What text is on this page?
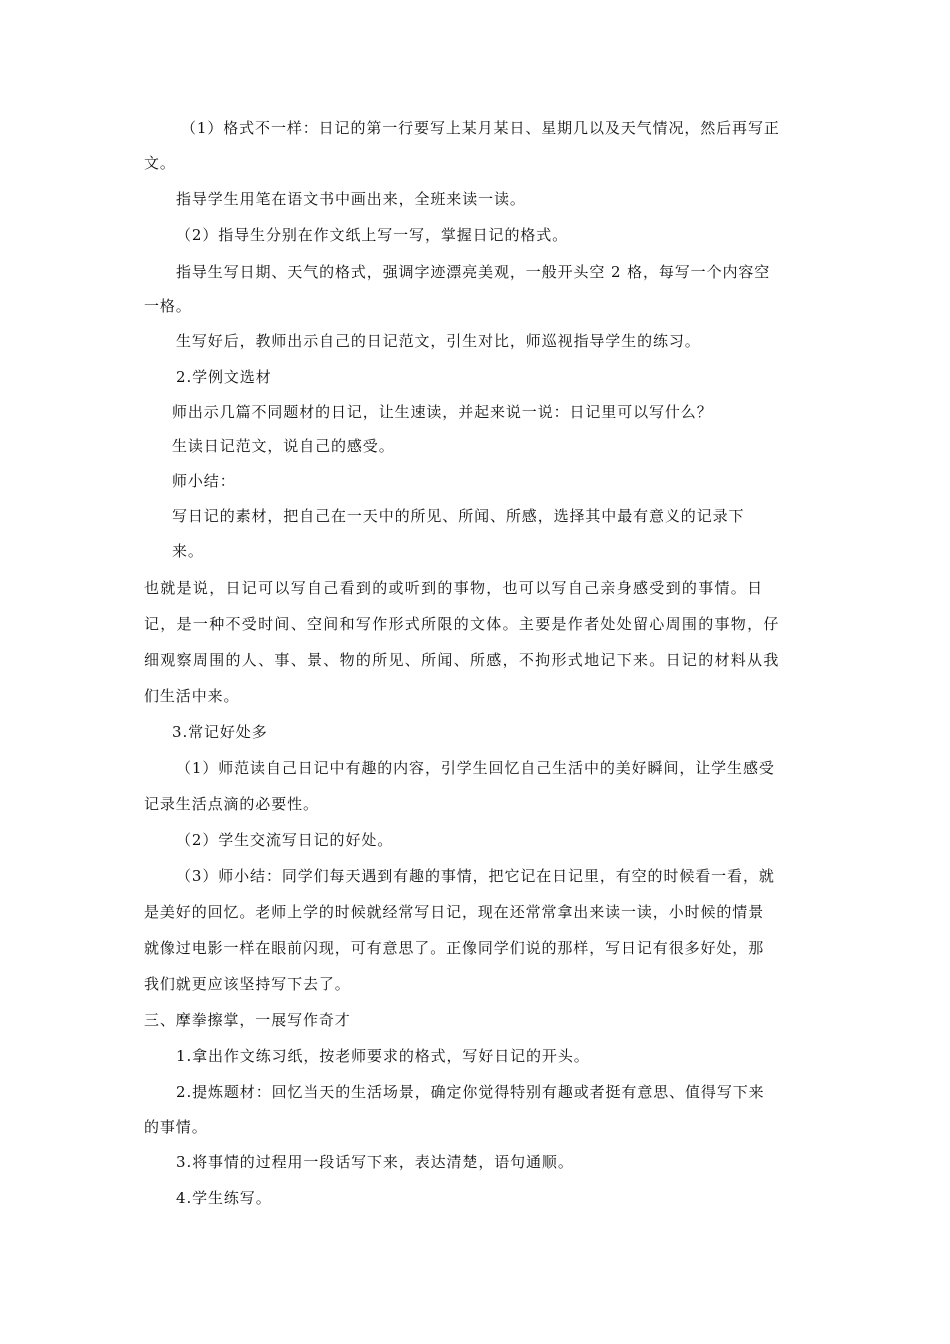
（1）格式不一样：日记的第一行要写上某月某日、星期几以及天气情况，然后再写正
文。
指导学生用笔在语文书中画出来，全班来读一读。
（2）指导生分别在作文纸上写一写，掌握日记的格式。
指导生写日期、天气的格式，强调字迹漂亮美观，一般开头空 2 格，每写一个内容空
一格。
生写好后，教师出示自己的日记范文，引生对比，师巡视指导学生的练习。
2.学例文选材
师出示几篇不同题材的日记，让生速读，并起来说一说：日记里可以写什么？
生读日记范文，说自己的感受。
师小结：
写日记的素材，把自己在一天中的所见、所闻、所感，选择其中最有意义的记录下
来。
也就是说，日记可以写自己看到的或听到的事物，也可以写自己亲身感受到的事情。日
记，是一种不受时间、空间和写作形式所限的文体。主要是作者处处留心周围的事物，仔
细观察周围的人、事、景、物的所见、所闻、所感，不拘形式地记下来。日记的材料从我
们生活中来。
3.常记好处多
（1）师范读自己日记中有趣的内容，引学生回忆自己生活中的美好瞬间，让学生感受
记录生活点滴的必要性。
（2）学生交流写日记的好处。
（3）师小结：同学们每天遇到有趣的事情，把它记在日记里，有空的时候看一看，就
是美好的回忆。老师上学的时候就经常写日记，现在还常常拿出来读一读，小时候的情景
就像过电影一样在眼前闪现，可有意思了。正像同学们说的那样，写日记有很多好处，那
我们就更应该坚持写下去了。
三、摩拳擦掌，一展写作奇才
1.拿出作文练习纸，按老师要求的格式，写好日记的开头。
2.提炼题材：回忆当天的生活场景，确定你觉得特别有趣或者挺有意思、值得写下来
的事情。
3.将事情的过程用一段话写下来，表达清楚，语句通顺。
4.学生练写。
